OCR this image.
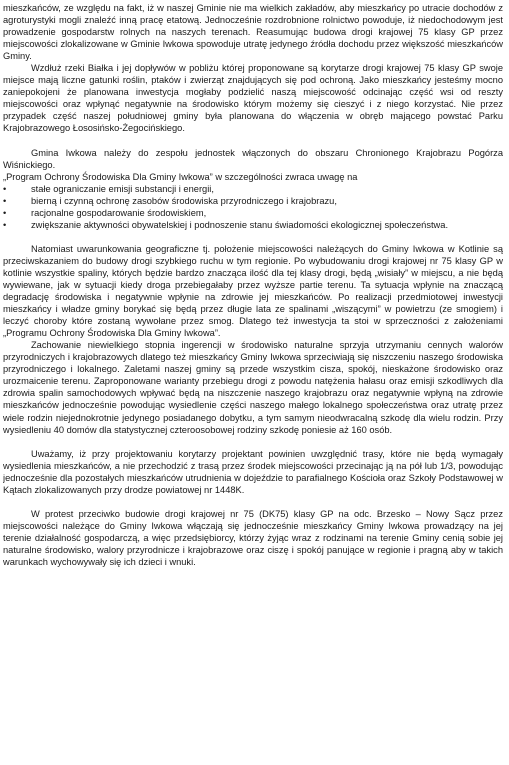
mieszkańców, ze względu na fakt, iż w naszej Gminie nie ma wielkich zakładów, aby mieszkańcy po utracie dochodów z agroturystyki mogli znaleźć inną pracę etatową. Jednocześnie rozdrobnione rolnictwo powoduje, iż niedochodowym jest prowadzenie gospodarstw rolnych na naszych terenach. Reasumując budowa drogi krajowej 75 klasy GP przez miejscowości zlokalizowane w Gminie Iwkowa spowoduje utratę jedynego źródła dochodu przez większość mieszkańców Gminy.

Wzdłuż rzeki Białka i jej dopływów w pobliżu której proponowane są korytarze drogi krajowej 75 klasy GP swoje miejsce mają liczne gatunki roślin, ptaków i zwierząt znajdujących się pod ochroną. Jako mieszkańcy jesteśmy mocno zaniepokojeni że planowana inwestycja mogłaby podzielić naszą miejscowość odcinając część wsi od reszty miejscowości oraz wpłynąć negatywnie na środowisko którym możemy się cieszyć i z niego korzystać. Nie przez przypadek część naszej południowej gminy była planowana do włączenia w obręb mającego powstać Parku Krajobrazowego Łososińsko-Żegocińskiego.

Gmina Iwkowa należy do zespołu jednostek włączonych do obszaru Chronionego Krajobrazu Pogórza Wiśnickiego.

„Program Ochrony Środowiska Dla Gminy Iwkowa” w szczególności zwraca uwagę na

•	stałe ograniczanie emisji substancji i energii,
•	bierną i czynną ochronę zasobów środowiska przyrodniczego i krajobrazu,
•	racjonalne gospodarowanie środowiskiem,
•	zwiększanie aktywności obywatelskiej i podnoszenie stanu świadomości ekologicznej społeczeństwa.

Natomiast uwarunkowania geograficzne tj. położenie miejscowości należących do Gminy Iwkowa w Kotlinie są przeciwskazaniem do budowy drogi szybkiego ruchu w tym regionie. Po wybudowaniu drogi krajowej nr 75 klasy GP w kotlinie wszystkie spaliny, których będzie bardzo znacząca ilość dla tej klasy drogi, będą „wisiały” w miejscu, a nie będą wywiewane, jak w sytuacji kiedy droga przebiegałaby przez wyższe partie terenu. Ta sytuacja wpłynie na znaczącą degradację środowiska i negatywnie wpłynie na zdrowie jej mieszkańców. Po realizacji przedmiotowej inwestycji mieszkańcy i władze gminy borykać się będą przez długie lata ze spalinami „wiszącymi” w powietrzu (ze smogiem) i leczyć choroby które zostaną wywołane przez smog. Dlatego też inwestycja ta stoi w sprzeczności z założeniami „Programu Ochrony Środowiska Dla Gminy Iwkowa”.

Zachowanie niewielkiego stopnia ingerencji w środowisko naturalne sprzyja utrzymaniu cennych walorów przyrodniczych i krajobrazowych dlatego też mieszkańcy Gminy Iwkowa sprzeciwiają się niszczeniu naszego środowiska przyrodniczego i lokalnego. Zaletami naszej gminy są przede wszystkim cisza, spokój, nieskażone środowisko oraz urozmaicenie terenu. Zaproponowane warianty przebiegu drogi z powodu natężenia hałasu oraz emisji szkodliwych dla zdrowia spalin samochodowych wpływać będą na niszczenie naszego krajobrazu oraz negatywnie wpłyną na zdrowie mieszkańców jednocześnie powodując wysiedlenie części naszego małego lokalnego społeczeństwa oraz utratę przez wiele rodzin niejednokrotnie jedynego posiadanego dobytku, a tym samym nieodwracalną szkodę dla wielu rodzin. Przy wysiedleniu 40 domów dla statystycznej czteroosobowej rodziny szkodę poniesie aż 160 osób.

Uważamy, iż przy projektowaniu korytarzy projektant powinien uwzględnić trasy, które nie będą wymagały wysiedlenia mieszkańców, a nie przechodzić z trasą przez środek miejscowości przecinając ją na pół lub 1/3, powodując jednocześnie dla pozostałych mieszkańców utrudnienia w dojeździe to parafialnego Kościoła oraz Szkoły Podstawowej w Kątach zlokalizowanych przy drodze powiatowej nr 1448K.

W protest przeciwko budowie drogi krajowej nr 75 (DK75) klasy GP na odc. Brzesko – Nowy Sącz przez miejscowości należące do Gminy Iwkowa włączają się jednocześnie mieszkańcy Gminy Iwkowa prowadzący na jej terenie działalność gospodarczą, a więc przedsiębiorcy, którzy żyjąc wraz z rodzinami na terenie Gminy cenią sobie jej naturalne środowisko, walory przyrodnicze i krajobrazowe oraz ciszę i spokój panujące w regionie i pragną aby w takich warunkach wychowywały się ich dzieci i wnuki.
